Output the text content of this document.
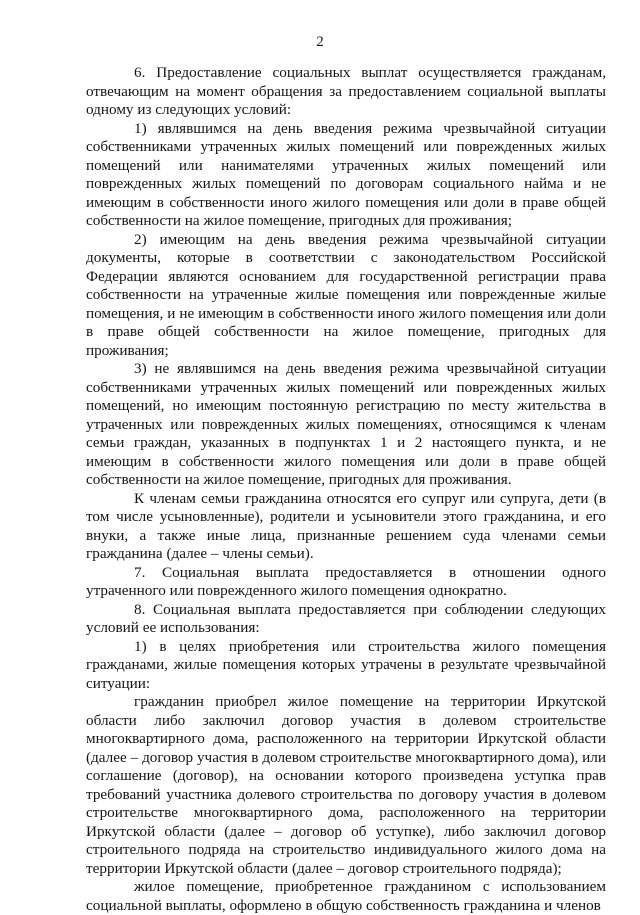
2

6. Предоставление социальных выплат осуществляется гражданам, отвечающим на момент обращения за предоставлением социальной выплаты одному из следующих условий:

1) являвшимся на день введения режима чрезвычайной ситуации собственниками утраченных жилых помещений или поврежденных жилых помещений или нанимателями утраченных жилых помещений или поврежденных жилых помещений по договорам социального найма и не имеющим в собственности иного жилого помещения или доли в праве общей собственности на жилое помещение, пригодных для проживания;

2) имеющим на день введения режима чрезвычайной ситуации документы, которые в соответствии с законодательством Российской Федерации являются основанием для государственной регистрации права собственности на утраченные жилые помещения или поврежденные жилые помещения, и не имеющим в собственности иного жилого помещения или доли в праве общей собственности на жилое помещение, пригодных для проживания;

3) не являвшимся на день введения режима чрезвычайной ситуации собственниками утраченных жилых помещений или поврежденных жилых помещений, но имеющим постоянную регистрацию по месту жительства в утраченных или поврежденных жилых помещениях, относящимся к членам семьи граждан, указанных в подпунктах 1 и 2 настоящего пункта, и не имеющим в собственности жилого помещения или доли в праве общей собственности на жилое помещение, пригодных для проживания.

К членам семьи гражданина относятся его супруг или супруга, дети (в том числе усыновленные), родители и усыновители этого гражданина, и его внуки, а также иные лица, признанные решением суда членами семьи гражданина (далее – члены семьи).

7. Социальная выплата предоставляется в отношении одного утраченного или поврежденного жилого помещения однократно.

8. Социальная выплата предоставляется при соблюдении следующих условий ее использования:

1) в целях приобретения или строительства жилого помещения гражданами, жилые помещения которых утрачены в результате чрезвычайной ситуации:

гражданин приобрел жилое помещение на территории Иркутской области либо заключил договор участия в долевом строительстве многоквартирного дома, расположенного на территории Иркутской области (далее – договор участия в долевом строительстве многоквартирного дома), или соглашение (договор), на основании которого произведена уступка прав требований участника долевого строительства по договору участия в долевом строительстве многоквартирного дома, расположенного на территории Иркутской области (далее – договор об уступке), либо заключил договор строительного подряда на строительство индивидуального жилого дома на территории Иркутской области (далее – договор строительного подряда);

жилое помещение, приобретенное гражданином с использованием социальной выплаты, оформлено в общую собственность гражданина и членов
